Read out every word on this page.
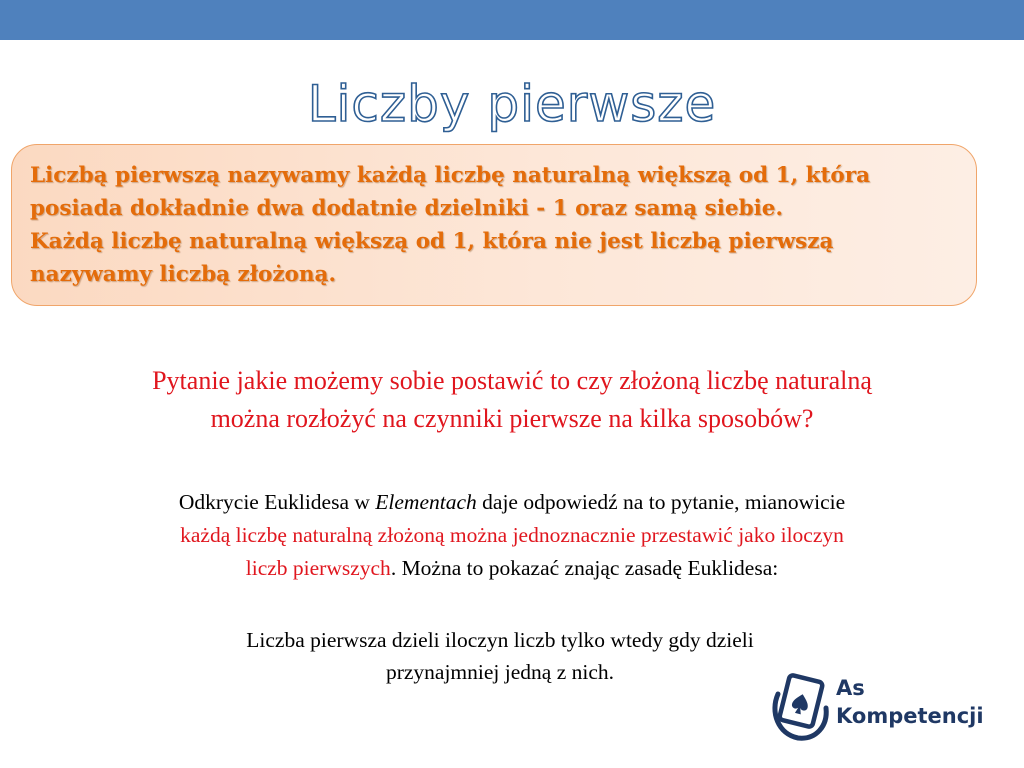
Liczby pierwsze
Liczbą pierwszą nazywamy każdą liczbę naturalną większą od 1, która
posiada dokładnie dwa dodatnie dzielniki - 1 oraz samą siebie.
Każdą liczbę naturalną większą od 1, która nie jest liczbą pierwszą
nazywamy liczbą złożoną.
Pytanie jakie możemy sobie postawić to czy złożoną liczbę naturalną
można rozłożyć na czynniki pierwsze na kilka sposobów?
Odkrycie Euklidesa w Elementach daje odpowiedź na to pytanie, mianowicie
każdą liczbę naturalną złożoną można jednoznacznie przestawić jako iloczyn
liczb pierwszych. Można to pokazać znając zasadę Euklidesa:
Liczba pierwsza dzieli iloczyn liczb tylko wtedy gdy dzieli
przynajmniej jedną z nich.
As
Kompetencji
